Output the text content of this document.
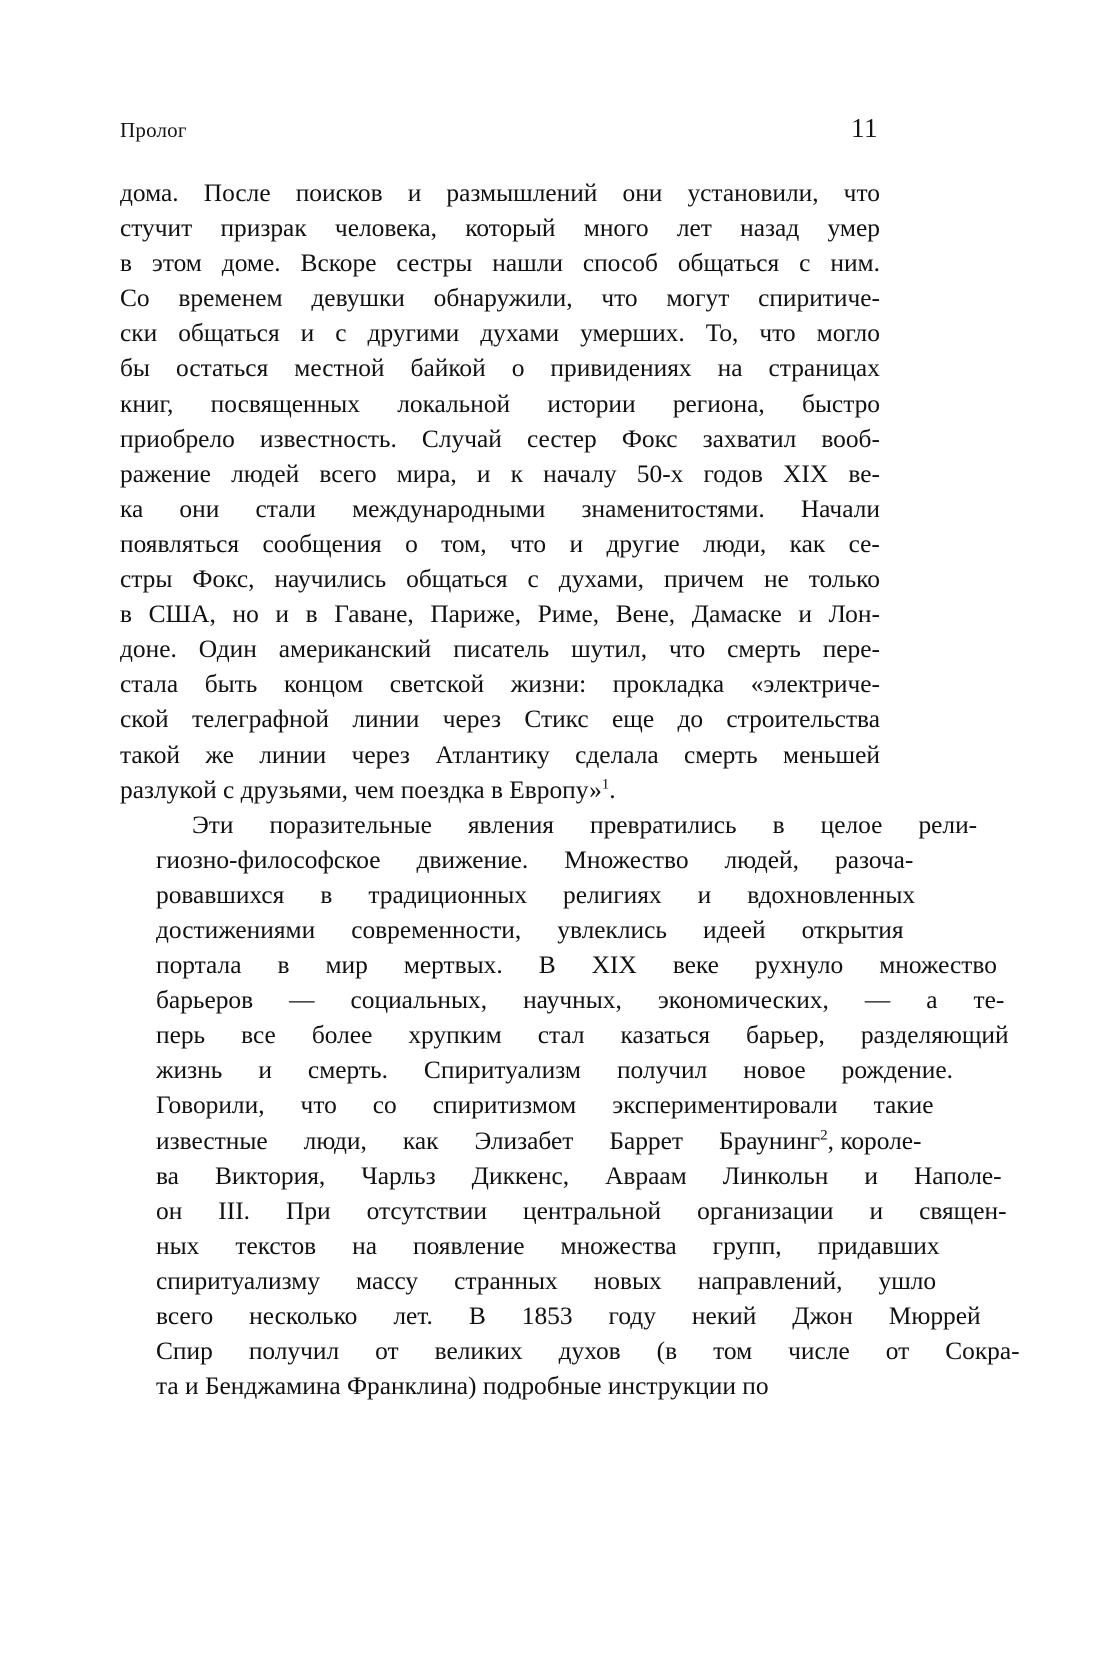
Пролог	11

дома. После поисков и размышлений они установили, что
стучит призрак человека, который много лет назад умер
в этом доме. Вскоре сестры нашли способ общаться с ним.
Со временем девушки обнаружили, что могут спиритиче-
ски общаться и с другими духами умерших. То, что могло
бы остаться местной байкой о привидениях на страницах
книг, посвященных локальной истории региона, быстро
приобрело известность. Случай сестер Фокс захватил вооб-
ражение людей всего мира, и к началу 50-х годов XIX ве-
ка они стали международными знаменитостями. Начали
появляться сообщения о том, что и другие люди, как се-
стры Фокс, научились общаться с духами, причем не только
в США, но и в Гаване, Париже, Риме, Вене, Дамаске и Лон-
доне. Один американский писатель шутил, что смерть пере-
стала быть концом светской жизни: прокладка «электриче-
ской телеграфной линии через Стикс еще до строительства
такой же линии через Атлантику сделала смерть меньшей
разлукой с друзьями, чем поездка в Европу»$^1$.

Эти	поразительные	явления	превратились	в	целое	рели-
гиозно-философское	движение.	Множество	людей,	разоча-
ровавшихся	в	традиционных	религиях	и	вдохновленных
достижениями	современности,	увлеклись	идеей	открытия
портала	в	мир	мертвых.	В	XIX	веке	рухнуло	множество
барьеров	—	социальных,	научных,	экономических,	—	а	те-
перь	все	более	хрупким	стал	казаться	барьер,	разделяющий
жизнь	и	смерть.	Спиритуализм	получил	новое	рождение.
Говорили,	что	со	спиритизмом	экспериментировали	такие
известные	люди,	как	Элизабет	Баррет	Браунинг$^2$, короле-
ва	Виктория,	Чарльз	Диккенс,	Авраам	Линкольн	и	Наполе-
он	III.	При	отсутствии	центральной	организации	и	священ-
ных	текстов	на	появление	множества	групп,	придавших
спиритуализму	массу	странных	новых	направлений,	ушло
всего	несколько	лет.	В	1853	году	некий	Джон	Мюррей
Спир	получил	от	великих	духов	(в	том	числе	от	Сокра-
та и Бенджамина Франклина) подробные инструкции по
